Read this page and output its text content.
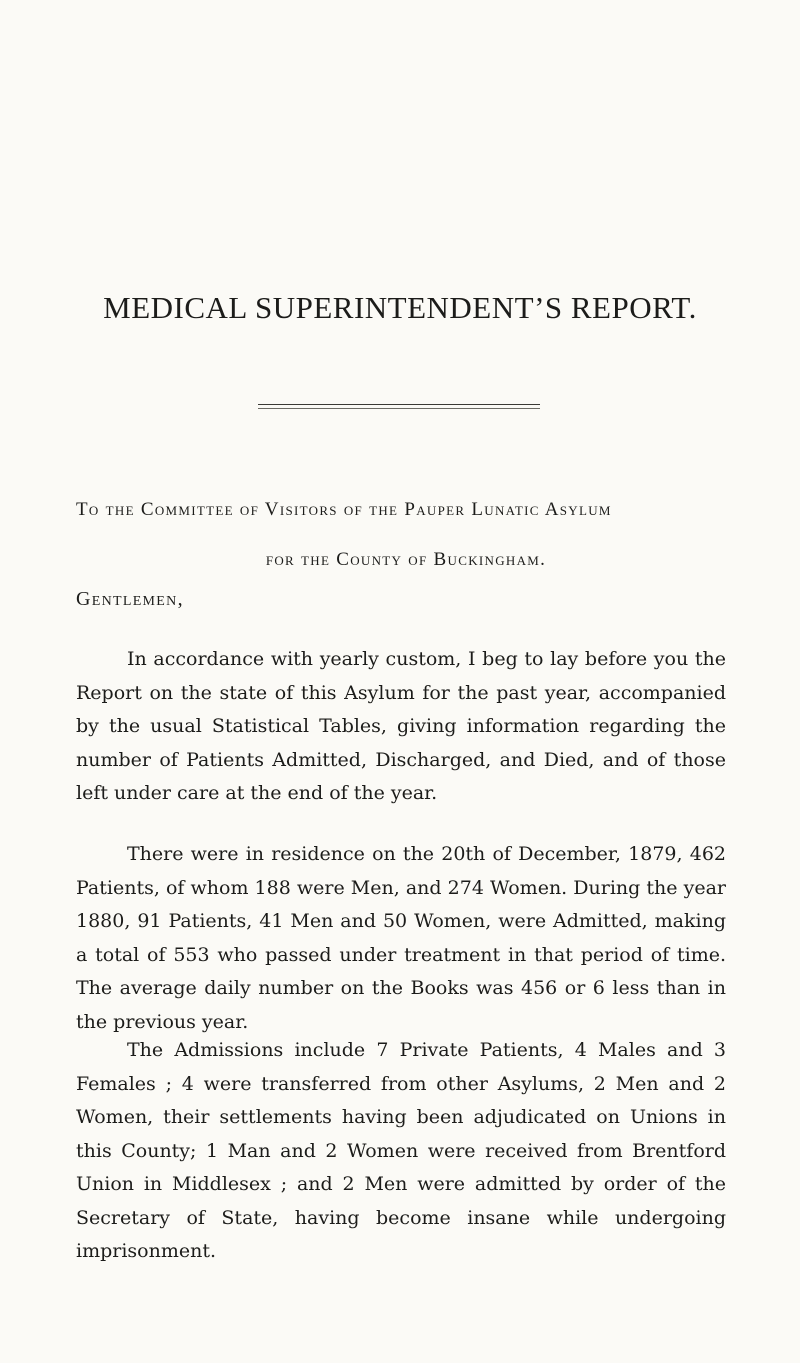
MEDICAL SUPERINTENDENT’S REPORT.

To the Committee of Visitors of the Pauper Lunatic Asylum
for the County of Buckingham.

Gentlemen,

In accordance with yearly custom, I beg to lay before you the Report on the state of this Asylum for the past year, accompanied by the usual Statistical Tables, giving information regarding the number of Patients Admitted, Discharged, and Died, and of those left under care at the end of the year.

There were in residence on the 20th of December, 1879, 462 Patients, of whom 188 were Men, and 274 Women. During the year 1880, 91 Patients, 41 Men and 50 Women, were Admitted, making a total of 553 who passed under treatment in that period of time. The average daily number on the Books was 456 or 6 less than in the previous year.

The Admissions include 7 Private Patients, 4 Males and 3 Females ; 4 were transferred from other Asylums, 2 Men and 2 Women, their settlements having been adjudicated on Unions in this County; 1 Man and 2 Women were received from Brentford Union in Middlesex ; and 2 Men were admitted by order of the Secretary of State, having become insane while undergoing imprisonment.
